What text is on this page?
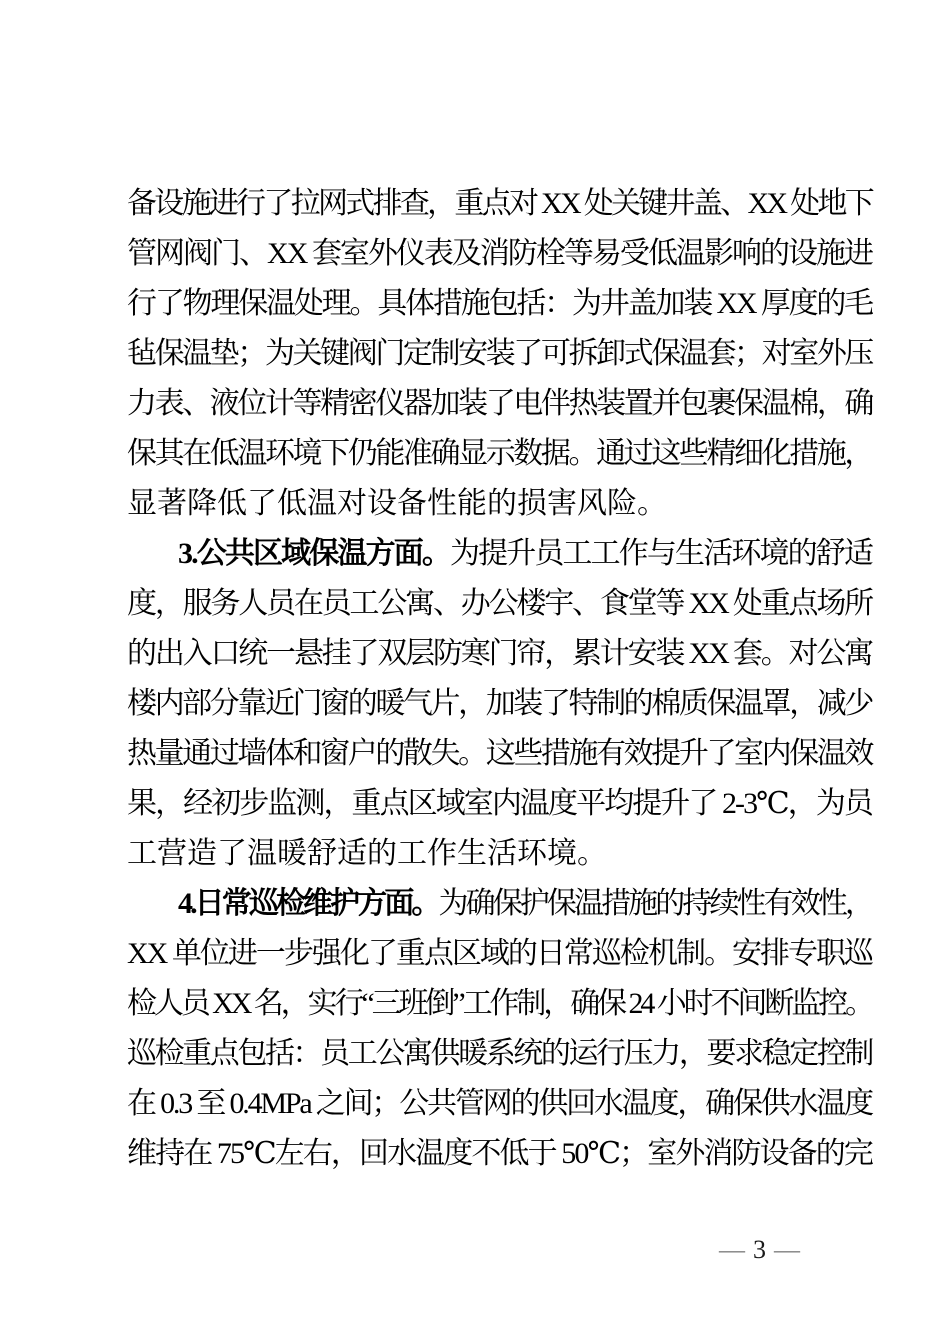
备设施进行了拉网式排查，重点对 XX 处关键井盖、XX 处地下
管网阀门、XX 套室外仪表及消防栓等易受低温影响的设施进
行了物理保温处理。具体措施包括：为井盖加装 XX 厚度的毛
毡保温垫；为关键阀门定制安装了可拆卸式保温套；对室外压
力表、液位计等精密仪器加装了电伴热装置并包裹保温棉，确
保其在低温环境下仍能准确显示数据。通过这些精细化措施，
显著降低了低温对设备性能的损害风险。
3.公共区域保温方面。为提升员工工作与生活环境的舒适
度，服务人员在员工公寓、办公楼宇、食堂等 XX 处重点场所
的出入口统一悬挂了双层防寒门帘，累计安装 XX 套。对公寓
楼内部分靠近门窗的暖气片，加装了特制的棉质保温罩，减少
热量通过墙体和窗户的散失。这些措施有效提升了室内保温效
果，经初步监测，重点区域室内温度平均提升了 2-3℃，为员
工营造了温暖舒适的工作生活环境。
4.日常巡检维护方面。为确保护保温措施的持续性有效性，
XX 单位进一步强化了重点区域的日常巡检机制。安排专职巡
检人员 XX 名，实行“三班倒”工作制，确保 24 小时不间断监控。
巡检重点包括：员工公寓供暖系统的运行压力，要求稳定控制
在 0.3 至 0.4MPa 之间；公共管网的供回水温度，确保供水温度
维持在 75℃左右，回水温度不低于 50℃；室外消防设备的完
— 3 —
